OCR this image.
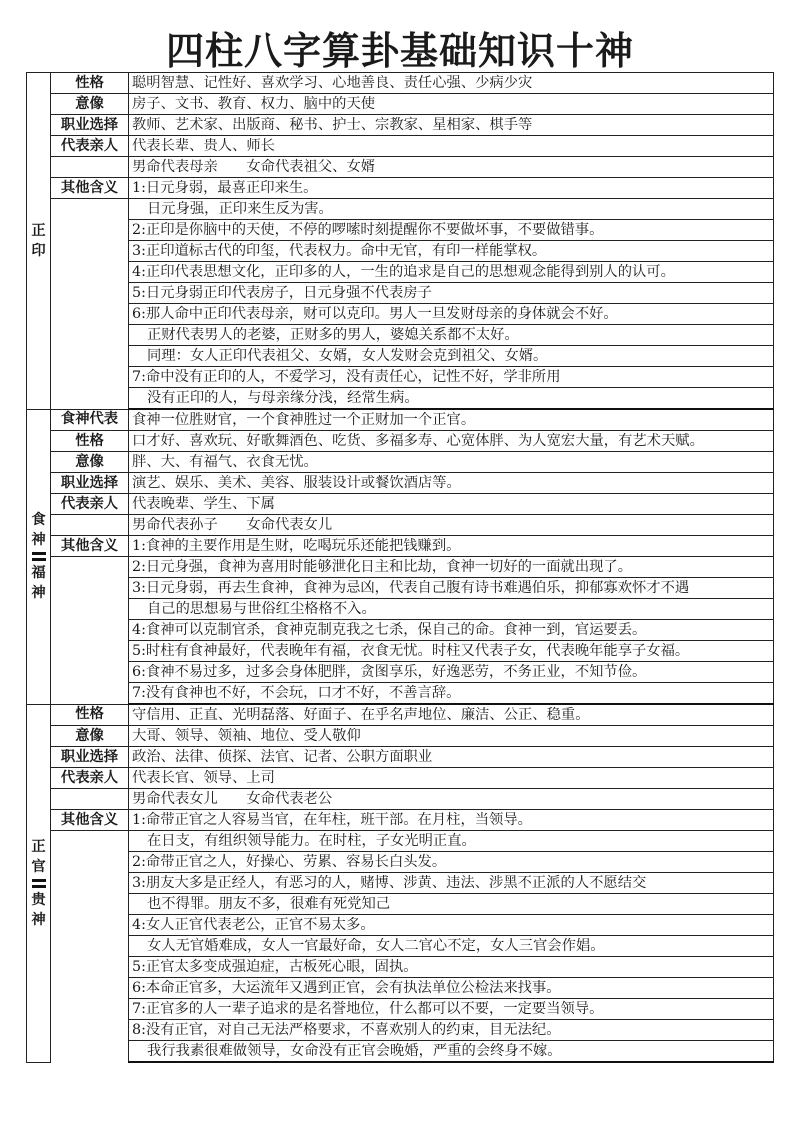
四柱八字算卦基础知识十神
正
印	性格	聪明智慧、记性好、喜欢学习、心地善良、责任心强、少病少灾
	意像	房子、文书、教育、权力、脑中的天使
	职业选择	教师、艺术家、出版商、秘书、护士、宗教家、星相家、棋手等
	代表亲人	代表长辈、贵人、师长
		男命代表母亲　　女命代表祖父、女婿
	其他含义	1:日元身弱，最喜正印来生。
		日元身强，正印来生反为害。
		2:正印是你脑中的天使，不停的啰嗦时刻提醒你不要做坏事，不要做错事。
		3:正印道标古代的印玺，代表权力。命中无官，有印一样能掌权。
		4:正印代表思想文化，正印多的人，一生的追求是自己的思想观念能得到别人的认可。
		5:日元身弱正印代表房子，日元身强不代表房子
		6:那人命中正印代表母亲，财可以克印。男人一旦发财母亲的身体就会不好。
		正财代表男人的老婆，正财多的男人，婆媳关系都不太好。
		同理：女人正印代表祖父、女婿，女人发财会克到祖父、女婿。
		7:命中没有正印的人，不爱学习，没有责任心，记性不好，学非所用
		没有正印的人，与母亲缘分浅，经常生病。

食神
福神	食神代表	食神一位胜财官，一个食神胜过一个正财加一个正官。
	性格	口才好、喜欢玩、好歌舞酒色、吃货、多福多寿、心宽体胖、为人宽宏大量，有艺术天赋。
	意像	胖、大、有福气、衣食无忧。
	职业选择	演艺、娱乐、美术、美容、服装设计或餐饮酒店等。
	代表亲人	代表晚辈、学生、下属
		男命代表孙子　　女命代表女儿
	其他含义	1:食神的主要作用是生财，吃喝玩乐还能把钱赚到。
		2:日元身强，食神为喜用时能够泄化日主和比劫，食神一切好的一面就出现了。
		3:日元身弱，再去生食神，食神为忌凶，代表自己腹有诗书难遇伯乐，抑郁寡欢怀才不遇
		自己的思想易与世俗红尘格格不入。
		4:食神可以克制官杀，食神克制克我之七杀，保自己的命。食神一到，官运要丢。
		5:时柱有食神最好，代表晚年有福，衣食无忧。时柱又代表子女，代表晚年能享子女福。
		6:食神不易过多，过多会身体肥胖，贪图享乐，好逸恶劳，不务正业，不知节俭。
		7:没有食神也不好，不会玩，口才不好，不善言辞。

正官
贵神	性格	守信用、正直、光明磊落、好面子、在乎名声地位、廉洁、公正、稳重。
	意像	大哥、领导、领袖、地位、受人敬仰
	职业选择	政治、法律、侦探、法官、记者、公职方面职业
	代表亲人	代表长官、领导、上司
		男命代表女儿　　女命代表老公
	其他含义	1:命带正官之人容易当官，在年柱，班干部。在月柱，当领导。
		在日支，有组织领导能力。在时柱，子女光明正直。
		2:命带正官之人，好操心、劳累、容易长白头发。
		3:朋友大多是正经人，有恶习的人，赌博、涉黄、违法、涉黑不正派的人不愿结交
		也不得罪。朋友不多，很难有死党知己
		4:女人正官代表老公，正官不易太多。
		女人无官婚难成，女人一官最好命，女人二官心不定，女人三官会作娼。
		5:正官太多变成强迫症，古板死心眼，固执。
		6:本命正官多，大运流年又遇到正官，会有执法单位公检法来找事。
		7:正官多的人一辈子追求的是名誉地位，什么都可以不要，一定要当领导。
		8:没有正官，对自己无法严格要求，不喜欢别人的约束，目无法纪。
		我行我素很难做领导，女命没有正官会晚婚，严重的会终身不嫁。
